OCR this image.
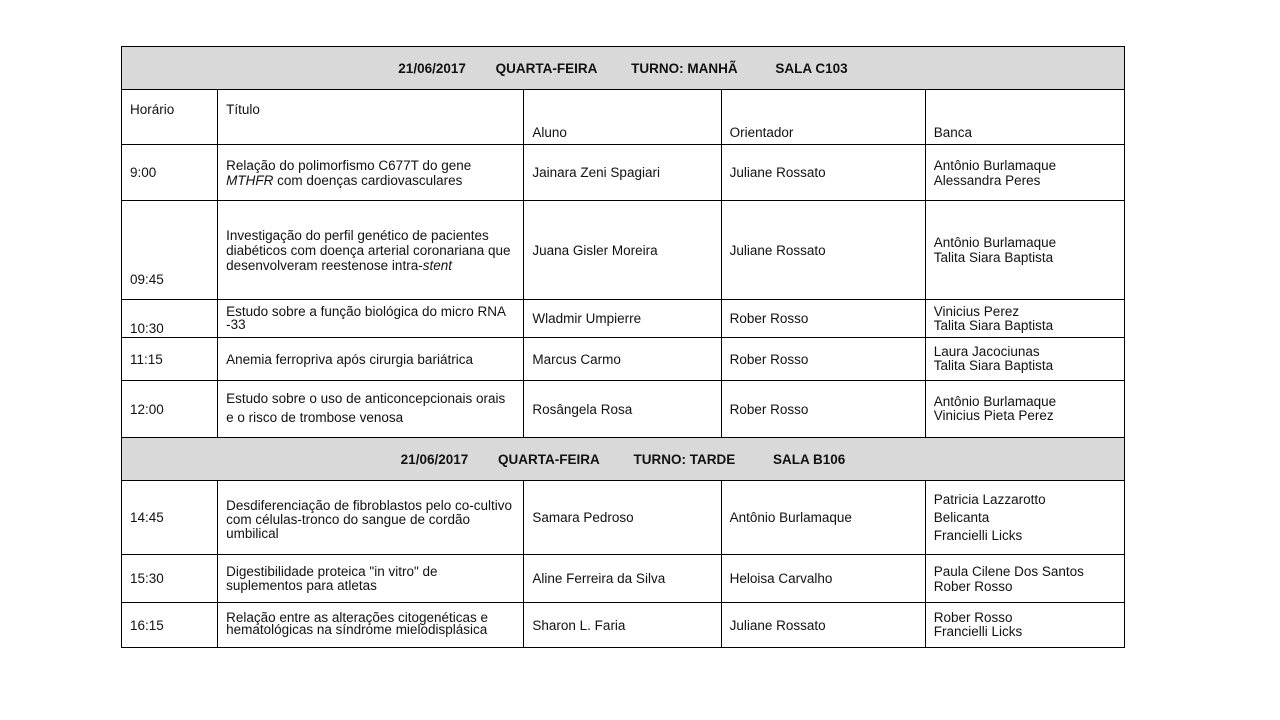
21/06/2017 QUARTA-FEIRA TURNO: MANHÃ SALA C103				
Horário	Título	Aluno	Orientador	Banca
9:00	Relação do polimorfismo C677T do gene MTHFR com doenças cardiovasculares	Jainara Zeni Spagiari	Juliane Rossato	Antônio Burlamaque
Alessandra Peres

09:45	Investigação do perfil genético de pacientes diabéticos com doença arterial coronariana que desenvolveram reestenose intra-stent	Juana Gisler Moreira	Juliane Rossato	Antônio Burlamaque
Talita Siara Baptista

10:30	Estudo sobre a função biológica do micro RNA -33	Wladmir Umpierre	Rober Rosso	Vinicius Perez
Talita Siara Baptista

11:15	Anemia ferropriva após cirurgia bariátrica	Marcus Carmo	Rober Rosso	Laura Jacociunas
Talita Siara Baptista

12:00	Estudo sobre o uso de anticoncepcionais orais e o risco de trombose venosa	Rosângela Rosa	Rober Rosso	Antônio Burlamaque
Vinicius Pieta Perez

21/06/2017 QUARTA-FEIRA TURNO: TARDE SALA B106				
14:45	Desdiferenciação de fibroblastos pelo co-cultivo com células-tronco do sangue de cordão umbilical	Samara Pedroso	Antônio Burlamaque	Patricia Lazzarotto
Belicanta
Francielli Licks

15:30	Digestibilidade proteica "in vitro" de suplementos para atletas	Aline Ferreira da Silva	Heloisa Carvalho	Paula Cilene Dos Santos
Rober Rosso

16:15	Relação entre as alterações citogenéticas e hematológicas na síndrome mielodisplásica	Sharon L. Faria	Juliane Rossato	Rober Rosso
Francielli Licks
